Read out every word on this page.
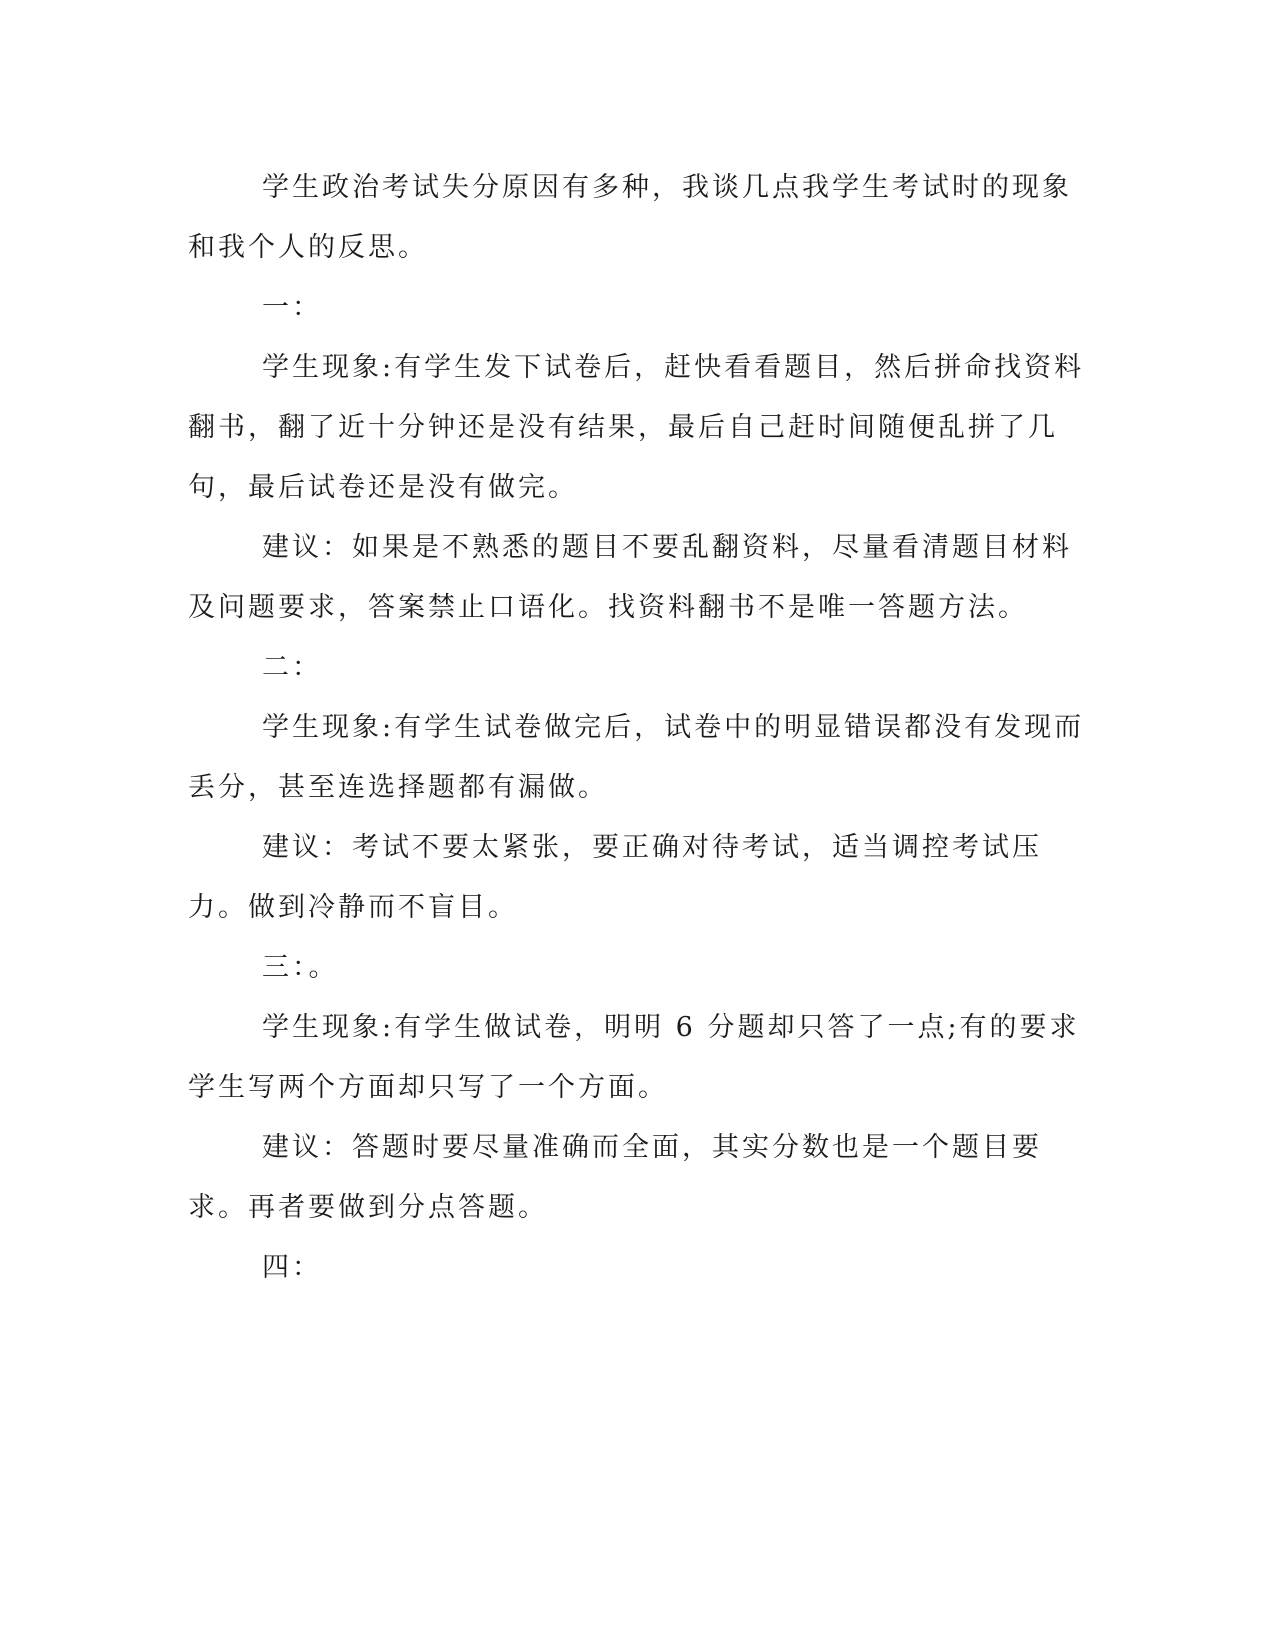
学生政治考试失分原因有多种，我谈几点我学生考试时的现象和我个人的反思。

一：

学生现象:有学生发下试卷后，赶快看看题目，然后拼命找资料翻书，翻了近十分钟还是没有结果，最后自己赶时间随便乱拼了几句，最后试卷还是没有做完。

建议：如果是不熟悉的题目不要乱翻资料，尽量看清题目材料及问题要求，答案禁止口语化。找资料翻书不是唯一答题方法。

二：

学生现象:有学生试卷做完后，试卷中的明显错误都没有发现而丢分，甚至连选择题都有漏做。

建议：考试不要太紧张，要正确对待考试，适当调控考试压力。做到冷静而不盲目。

三：。

学生现象:有学生做试卷，明明 6 分题却只答了一点;有的要求学生写两个方面却只写了一个方面。

建议：答题时要尽量准确而全面，其实分数也是一个题目要求。再者要做到分点答题。

四：
